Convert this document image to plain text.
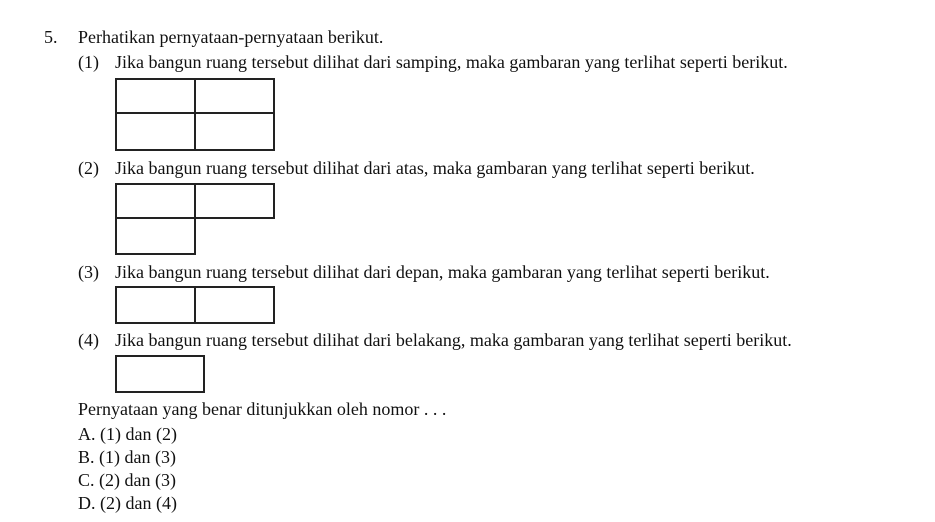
5. Perhatikan pernyataan-pernyataan berikut.
(1) Jika bangun ruang tersebut dilihat dari samping, maka gambaran yang terlihat seperti berikut.
(2) Jika bangun ruang tersebut dilihat dari atas, maka gambaran yang terlihat seperti berikut.
(3) Jika bangun ruang tersebut dilihat dari depan, maka gambaran yang terlihat seperti berikut.
(4) Jika bangun ruang tersebut dilihat dari belakang, maka gambaran yang terlihat seperti berikut.
Pernyataan yang benar ditunjukkan oleh nomor . . .
A. (1) dan (2)
B. (1) dan (3)
C. (2) dan (3)
D. (2) dan (4)
